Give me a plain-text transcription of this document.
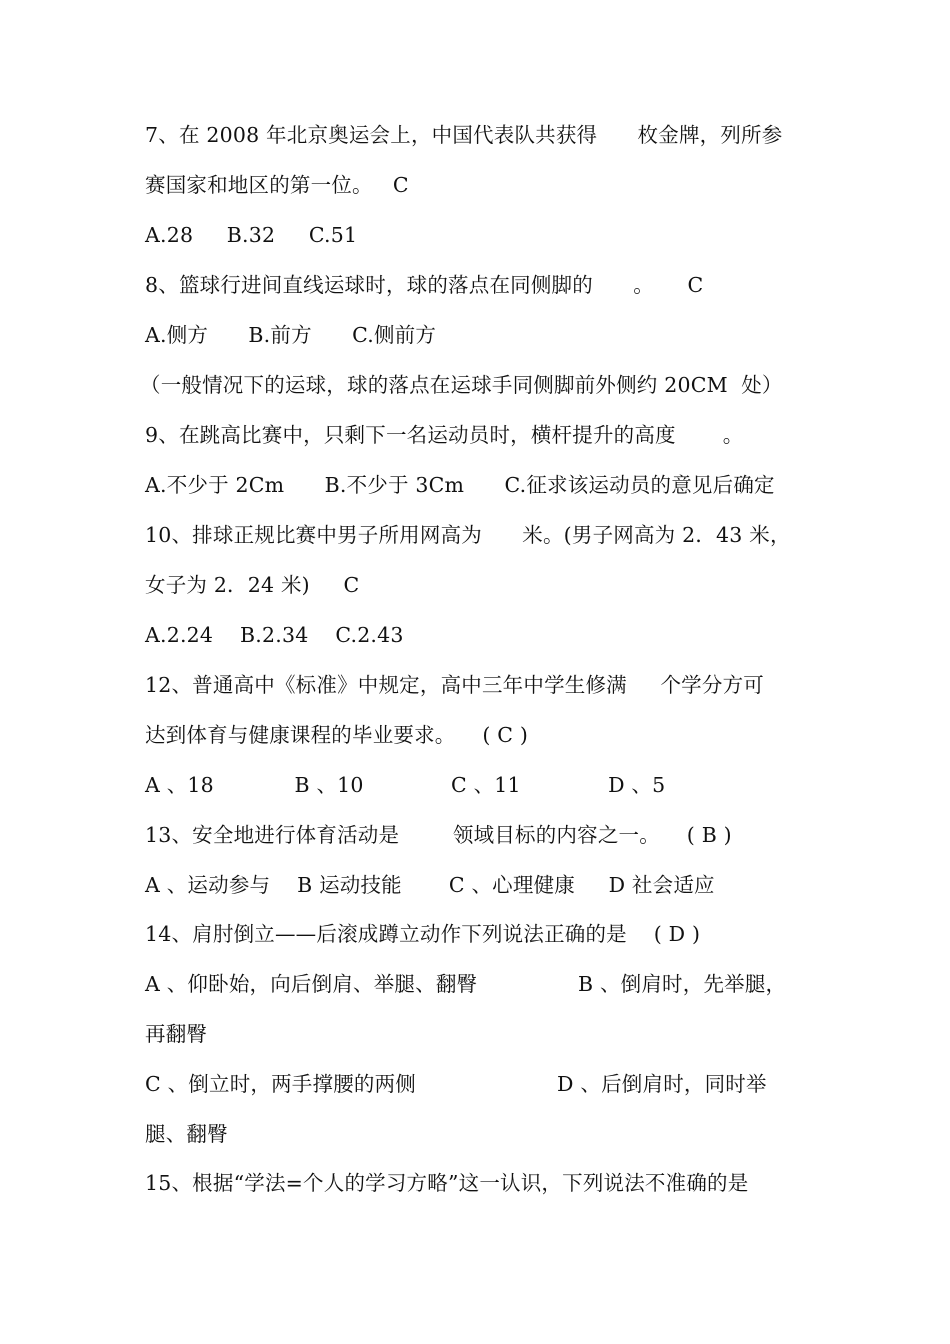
7、在 2008 年北京奥运会上，中国代表队共获得      枚金牌，列所参
赛国家和地区的第一位。   C
A.28     B.32     C.51
8、篮球行进间直线运球时，球的落点在同侧脚的      。     C
A.侧方      B.前方      C.侧前方
（一般情况下的运球，球的落点在运球手同侧脚前外侧约 20CM  处）
9、在跳高比赛中，只剩下一名运动员时，横杆提升的高度       。
A.不少于 2Cm      B.不少于 3Cm      C.征求该运动员的意见后确定
10、排球正规比赛中男子所用网高为      米。(男子网高为 2．43 米，
女子为 2．24 米)     C
A.2.24    B.2.34    C.2.43
12、普通高中《标准》中规定，高中三年中学生修满     个学分方可
达到体育与健康课程的毕业要求。    ( C )
A 、18            B 、10             C 、11             D 、5
13、安全地进行体育活动是        领域目标的内容之一。    ( B )
A 、运动参与    B 运动技能       C 、心理健康     D 社会适应
14、肩肘倒立——后滚成蹲立动作下列说法正确的是    ( D )
A 、仰卧始，向后倒肩、举腿、翻臀               B 、倒肩时，先举腿，
再翻臀
C 、倒立时，两手撑腰的两侧                     D 、后倒肩时，同时举
腿、翻臀
15、根据“学法=个人的学习方略”这一认识，下列说法不准确的是
